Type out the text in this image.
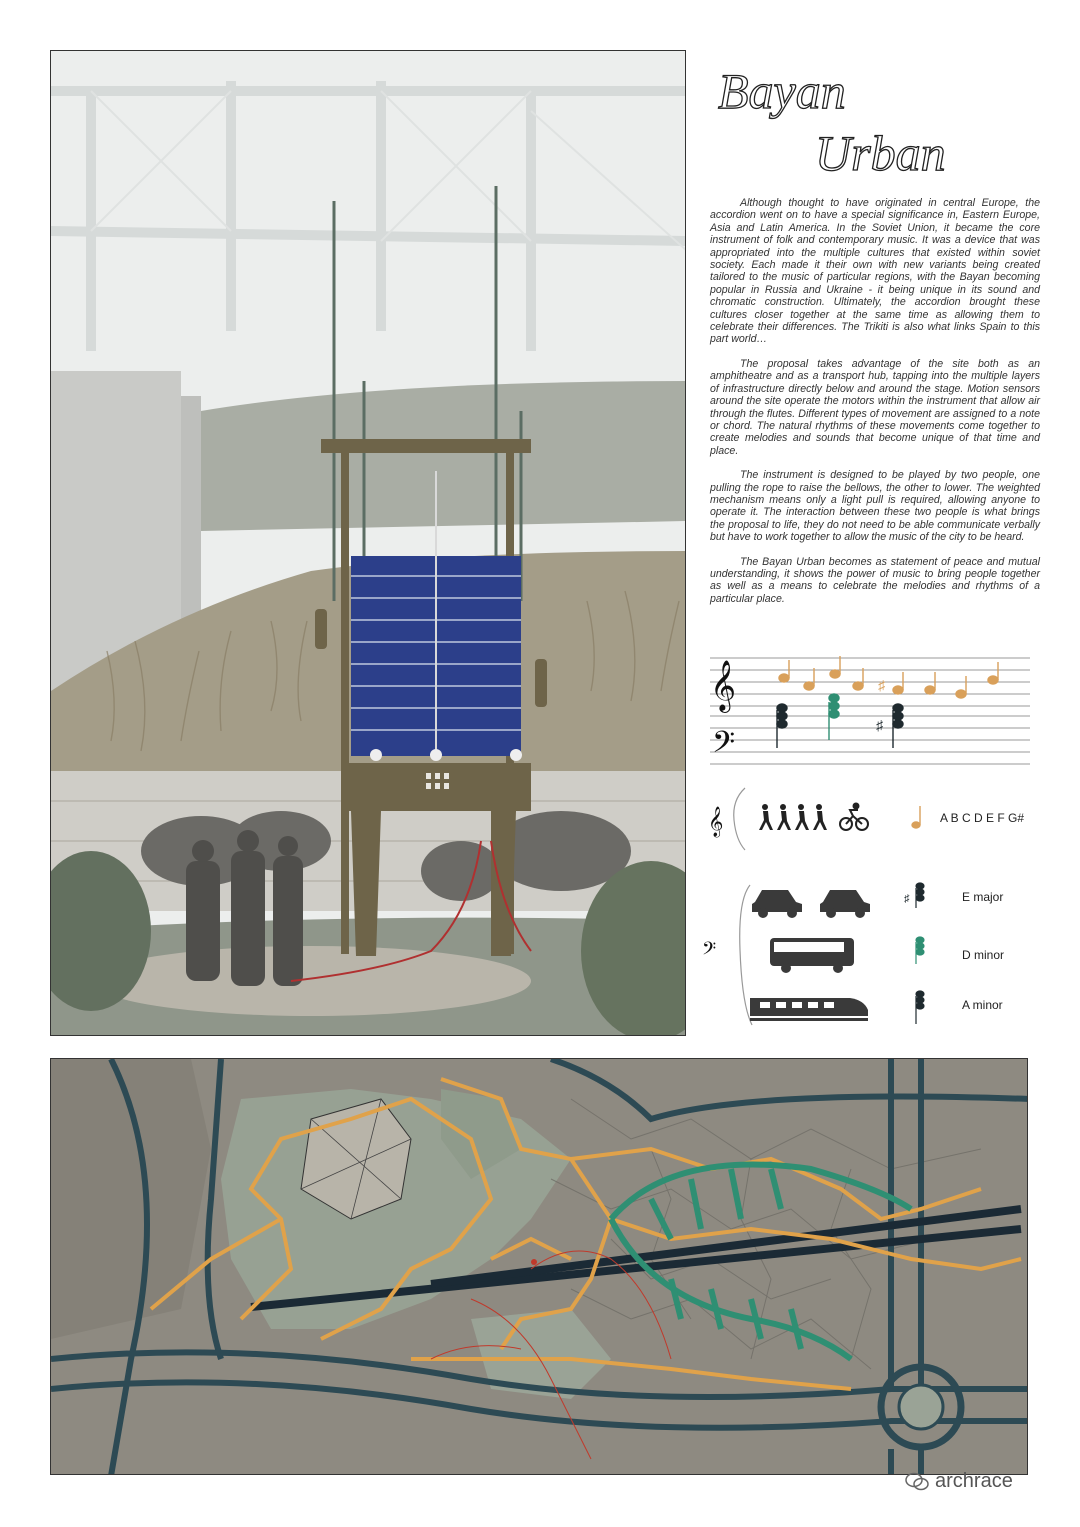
Bayan
Urban

Although thought to have originated in central Europe, the accordion went on to have a special significance in, Eastern Europe, Asia and Latin America. In the Soviet Union, it became the core instrument of folk and contemporary music. It was a device that was appropriated into the multiple cultures that existed within soviet society. Each made it their own with new variants being created tailored to the music of particular regions, with the Bayan becoming popular in Russia and Ukraine - it being unique in its sound and chromatic construction. Ultimately, the accordion brought these cultures closer together at the same time as allowing them to celebrate their differences. The Trikiti is also what links Spain to this part world…

The proposal takes advantage of the site both as an amphitheatre and as a transport hub, tapping into the multiple layers of infrastructure directly below and around the stage. Motion sensors around the site operate the motors within the instrument that allow air through the flutes. Different types of movement are assigned to a note or chord. The natural rhythms of these movements come together to create melodies and sounds that become unique of that time and place.

The instrument is designed to be played by two people, one pulling the rope to raise the bellows, the other to lower. The weighted mechanism means only a light pull is required, allowing anyone to operate it. The interaction between these two people is what brings the proposal to life, they do not need to be able communicate verbally but have to work together to allow the music of the city to be heard.

The Bayan Urban becomes as statement of peace and mutual understanding, it shows the power of music to bring people together as well as a means to celebrate the melodies and rhythms of a particular place.

𝄞
𝄢
♯
♯
𝄞
𝄢
♯
A B C D E F G#
E major
D minor
A minor
archrace
